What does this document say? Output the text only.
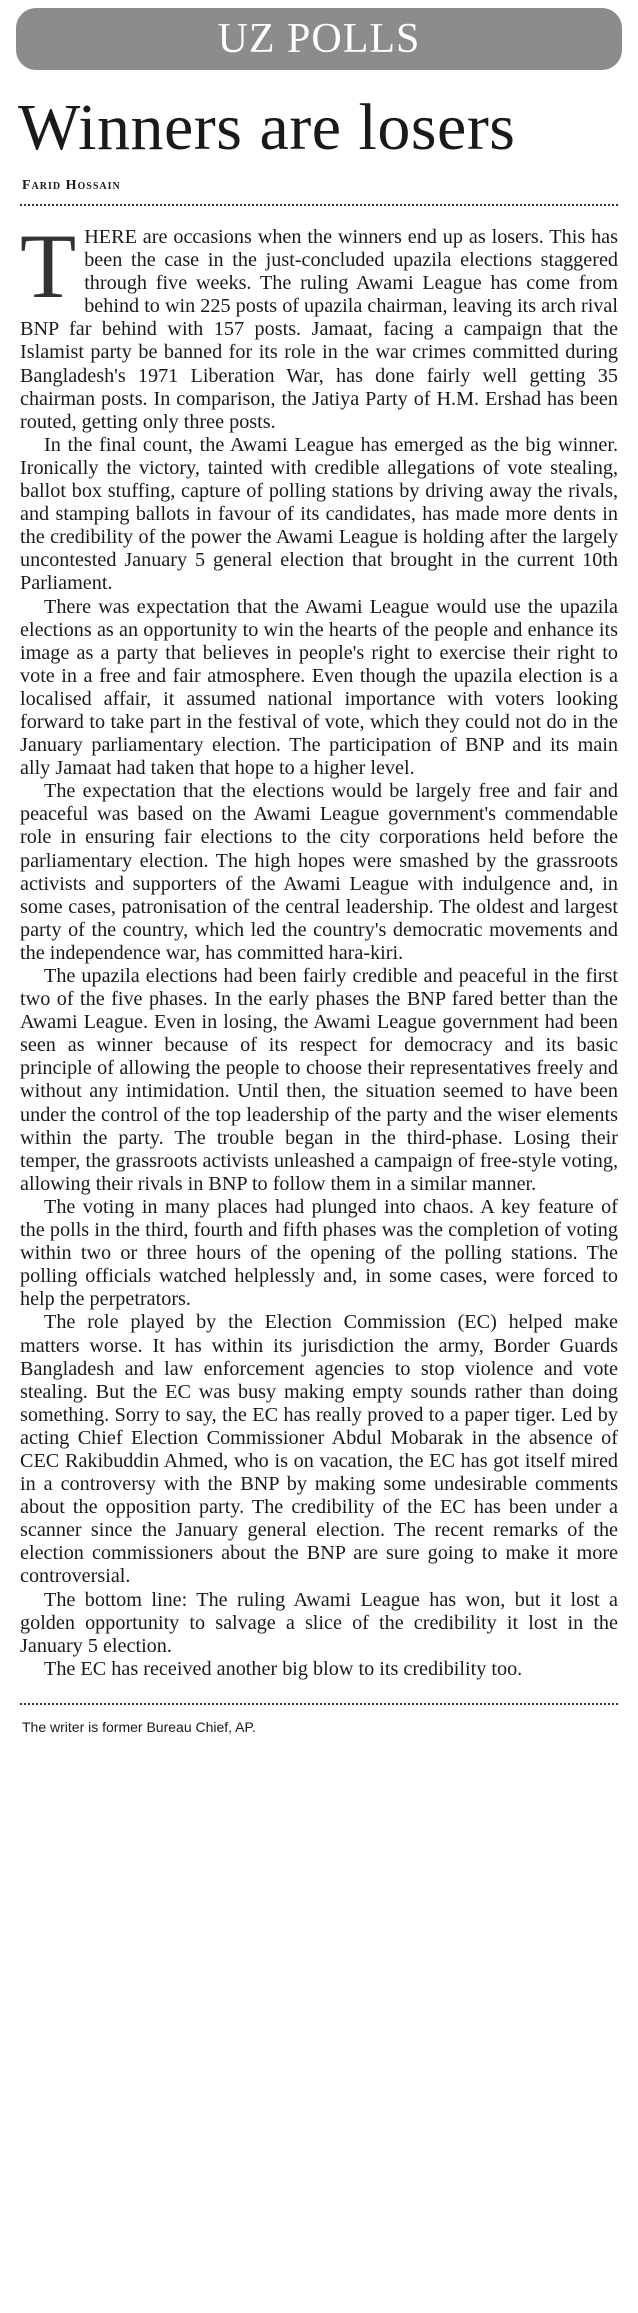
UZ POLLS
Winners are losers
Farid Hossain

THERE are occasions when the winners end up as losers. This has been the case in the just-concluded upazila elections staggered through five weeks. The ruling Awami League has come from behind to win 225 posts of upazila chairman, leaving its arch rival BNP far behind with 157 posts. Jamaat, facing a campaign that the Islamist party be banned for its role in the war crimes committed during Bangladesh's 1971 Liberation War, has done fairly well getting 35 chairman posts. In comparison, the Jatiya Party of H.M. Ershad has been routed, getting only three posts.

In the final count, the Awami League has emerged as the big winner. Ironically the victory, tainted with credible allegations of vote stealing, ballot box stuffing, capture of polling stations by driving away the rivals, and stamping ballots in favour of its candidates, has made more dents in the credibility of the power the Awami League is holding after the largely uncontested January 5 general election that brought in the current 10th Parliament.

There was expectation that the Awami League would use the upazila elections as an opportunity to win the hearts of the people and enhance its image as a party that believes in people's right to exercise their right to vote in a free and fair atmosphere. Even though the upazila election is a localised affair, it assumed national importance with voters looking forward to take part in the festival of vote, which they could not do in the January parliamentary election. The participation of BNP and its main ally Jamaat had taken that hope to a higher level.

The expectation that the elections would be largely free and fair and peaceful was based on the Awami League government's commendable role in ensuring fair elections to the city corporations held before the parliamentary election. The high hopes were smashed by the grassroots activists and supporters of the Awami League with indulgence and, in some cases, patronisation of the central leadership. The oldest and largest party of the country, which led the country's democratic movements and the independence war, has committed hara-kiri.

The upazila elections had been fairly credible and peaceful in the first two of the five phases. In the early phases the BNP fared better than the Awami League. Even in losing, the Awami League government had been seen as winner because of its respect for democracy and its basic principle of allowing the people to choose their representatives freely and without any intimidation. Until then, the situation seemed to have been under the control of the top leadership of the party and the wiser elements within the party. The trouble began in the third-phase. Losing their temper, the grassroots activists unleashed a campaign of free-style voting, allowing their rivals in BNP to follow them in a similar manner.

The voting in many places had plunged into chaos. A key feature of the polls in the third, fourth and fifth phases was the completion of voting within two or three hours of the opening of the polling stations. The polling officials watched helplessly and, in some cases, were forced to help the perpetrators.

The role played by the Election Commission (EC) helped make matters worse. It has within its jurisdiction the army, Border Guards Bangladesh and law enforcement agencies to stop violence and vote stealing. But the EC was busy making empty sounds rather than doing something. Sorry to say, the EC has really proved to a paper tiger. Led by acting Chief Election Commissioner Abdul Mobarak in the absence of CEC Rakibuddin Ahmed, who is on vacation, the EC has got itself mired in a controversy with the BNP by making some undesirable comments about the opposition party. The credibility of the EC has been under a scanner since the January general election. The recent remarks of the election commissioners about the BNP are sure going to make it more controversial.

The bottom line: The ruling Awami League has won, but it lost a golden opportunity to salvage a slice of the credibility it lost in the January 5 election.

The EC has received another big blow to its credibility too.

The writer is former Bureau Chief, AP.
